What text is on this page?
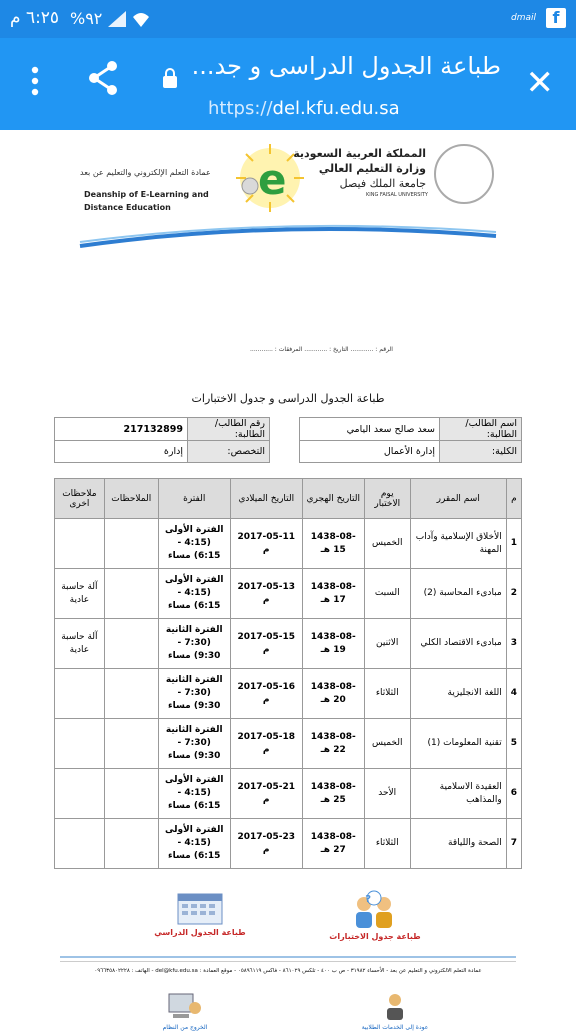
٦:٢٥ م	dmail	f
%٩٢
✕
طباعة الجدول الدراسى و جد...
https://del.kfu.edu.sa
المملكة العربية السعودية
وزارة التعليم العالي
جامعة الملك فيصل
KING FAISAL UNIVERSITY
e
عمادة التعلم الإلكتروني والتعليم عن بعد
Deanship of E-Learning and
Distance Education
الرقم : ............ التاريخ : ............ المرفقات : ............
طباعة الجدول الدراسى و جدول الاختبارات
اسم الطالب/الطالبة:	سعد صالح سعد اليامي		رقم الطالب/الطالبة:	217132899
الكلية:	إدارة الأعمال		التخصص:	إدارة
م	اسم المقرر	يوم الاختبار	التاريخ الهجري	التاريخ الميلادي	الفترة	الملاحظات	ملاحظات اخرى
1	الأخلاق الإسلامية وآداب المهنة	الخميس	1438-08-15 هـ	2017-05-11 م	الفترة الأولى (4:15 - 6:15) مساء		
2	مبادىء المحاسبة (2)	السبت	1438-08-17 هـ	2017-05-13 م	الفترة الأولى (4:15 - 6:15) مساء		آلة حاسبة عادية
3	مبادىء الاقتصاد الكلي	الاثنين	1438-08-19 هـ	2017-05-15 م	الفترة الثانية (7:30 - 9:30) مساء		آلة حاسبة عادية
4	اللغة الانجليزية	الثلاثاء	1438-08-20 هـ	2017-05-16 م	الفترة الثانية (7:30 - 9:30) مساء		
5	تقنية المعلومات (1)	الخميس	1438-08-22 هـ	2017-05-18 م	الفترة الثانية (7:30 - 9:30) مساء		
6	العقيدة الاسلامية والمذاهب	الأحد	1438-08-25 هـ	2017-05-21 م	الفترة الأولى (4:15 - 6:15) مساء		
7	الصحة واللياقة	الثلاثاء	1438-08-27 هـ	2017-05-23 م	الفترة الأولى (4:15 - 6:15) مساء		
?
طباعة جدول الاختبارات
طباعة الجدول الدراسي
عمادة التعلم الالكتروني و التعليم عن بعد - الأحساء ٣١٩٨٢ - ص ب ٤٠٠ - تلكس ٨٦١٠٢٩ - فاكس ٠٥٨٩٦١١٩ - موقع العمادة : del@kfu.edu.sa - الهاتف : ٠٩٦٦٣٥٨٠٢٢٢٨
عودة إلى الخدمات الطلابية
الخروج من النظام
